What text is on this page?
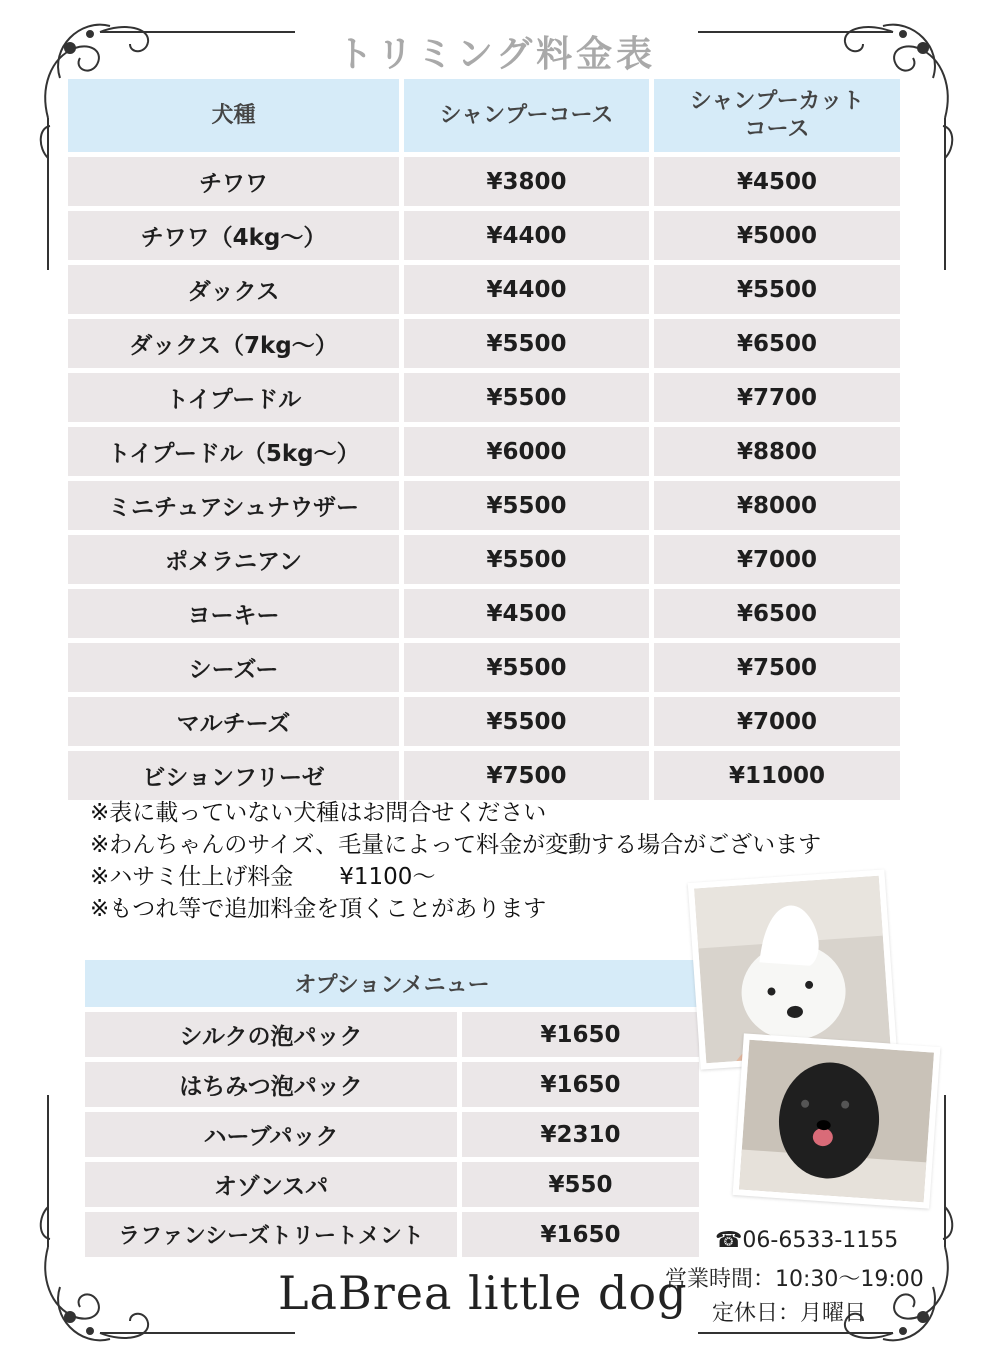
トリミング料金表
犬種	シャンプーコース
シャンプーカット
コース
チワワ	¥3800	¥4500
チワワ（4kg～）	¥4400	¥5000
ダックス	¥4400	¥5500
ダックス（7kg～）	¥5500	¥6500
トイプードル	¥5500	¥7700
トイプードル（5kg～）	¥6000	¥8800
ミニチュアシュナウザー	¥5500	¥8000
ポメラニアン	¥5500	¥7000
ヨーキー	¥4500	¥6500
シーズー	¥5500	¥7500
マルチーズ	¥5500	¥7000
ビションフリーゼ	¥7500	¥11000
※表に載っていない犬種はお問合せください
※わんちゃんのサイズ、毛量によって料金が変動する場合がございます
※ハサミ仕上げ料金　　¥1100～
※もつれ等で追加料金を頂くことがあります
オプションメニュー
シルクの泡パック	¥1650
はちみつ泡パック	¥1650
ハーブパック	¥2310
オゾンスパ	¥550
ラファンシーズトリートメント	¥1650
LaBrea little dog
☎06-6533-1155
営業時間：10:30～19:00
定休日：月曜日
